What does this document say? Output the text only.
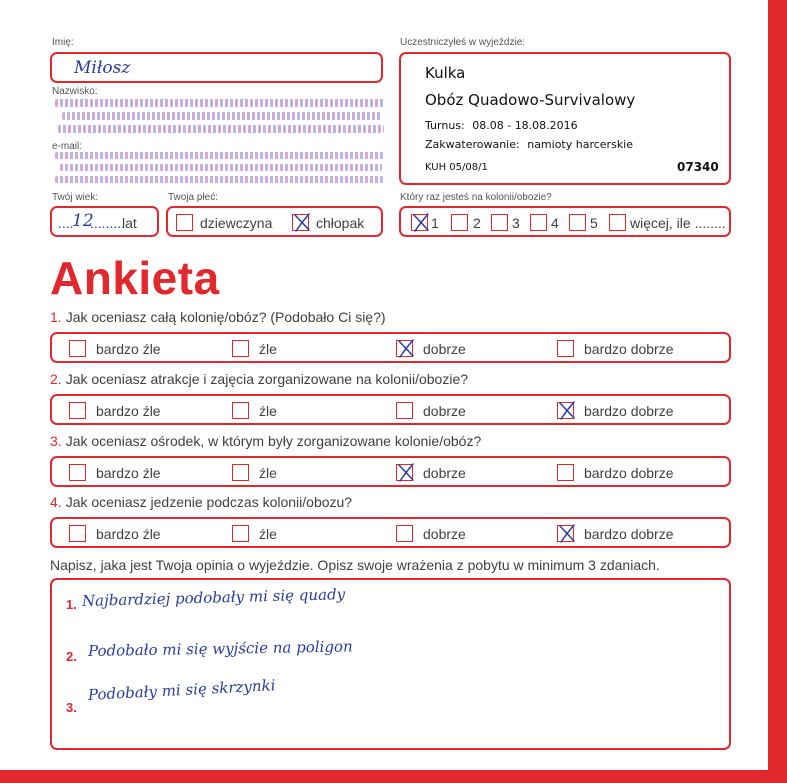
Imię:
Miłosz
Nazwisko:
e-mail:
Twój wiek:
....
12
.........
lat
Twoja płeć:
dziewczyna	chłopak
Uczestniczyłeś w wyjeździe:
Kulka
Obóz Quadowo-Survivalowy
Turnus: 08.08 - 18.08.2016
Zakwaterowanie: namioty harcerskie
KUH 05/08/1	07340
Który raz jesteś na kolonii/obozie?
1 2 3 4 5 więcej, ile ........
Ankieta
1. Jak oceniasz całą kolonię/obóz? (Podobało Ci się?)
bardzo źle	źle	dobrze	bardzo dobrze
2. Jak oceniasz atrakcje i zajęcia zorganizowane na kolonii/obozie?
bardzo źle	źle	dobrze	bardzo dobrze
3. Jak oceniasz ośrodek, w którym były zorganizowane kolonie/obóz?
bardzo źle	źle	dobrze	bardzo dobrze
4. Jak oceniasz jedzenie podczas kolonii/obozu?
bardzo źle	źle	dobrze	bardzo dobrze
Napisz, jaka jest Twoja opinia o wyjeździe. Opisz swoje wrażenia z pobytu w minimum 3 zdaniach.
1. Najbardziej podobały mi się quady
2. Podobało mi się wyjście na poligon
3.
Podobały mi się skrzynki
